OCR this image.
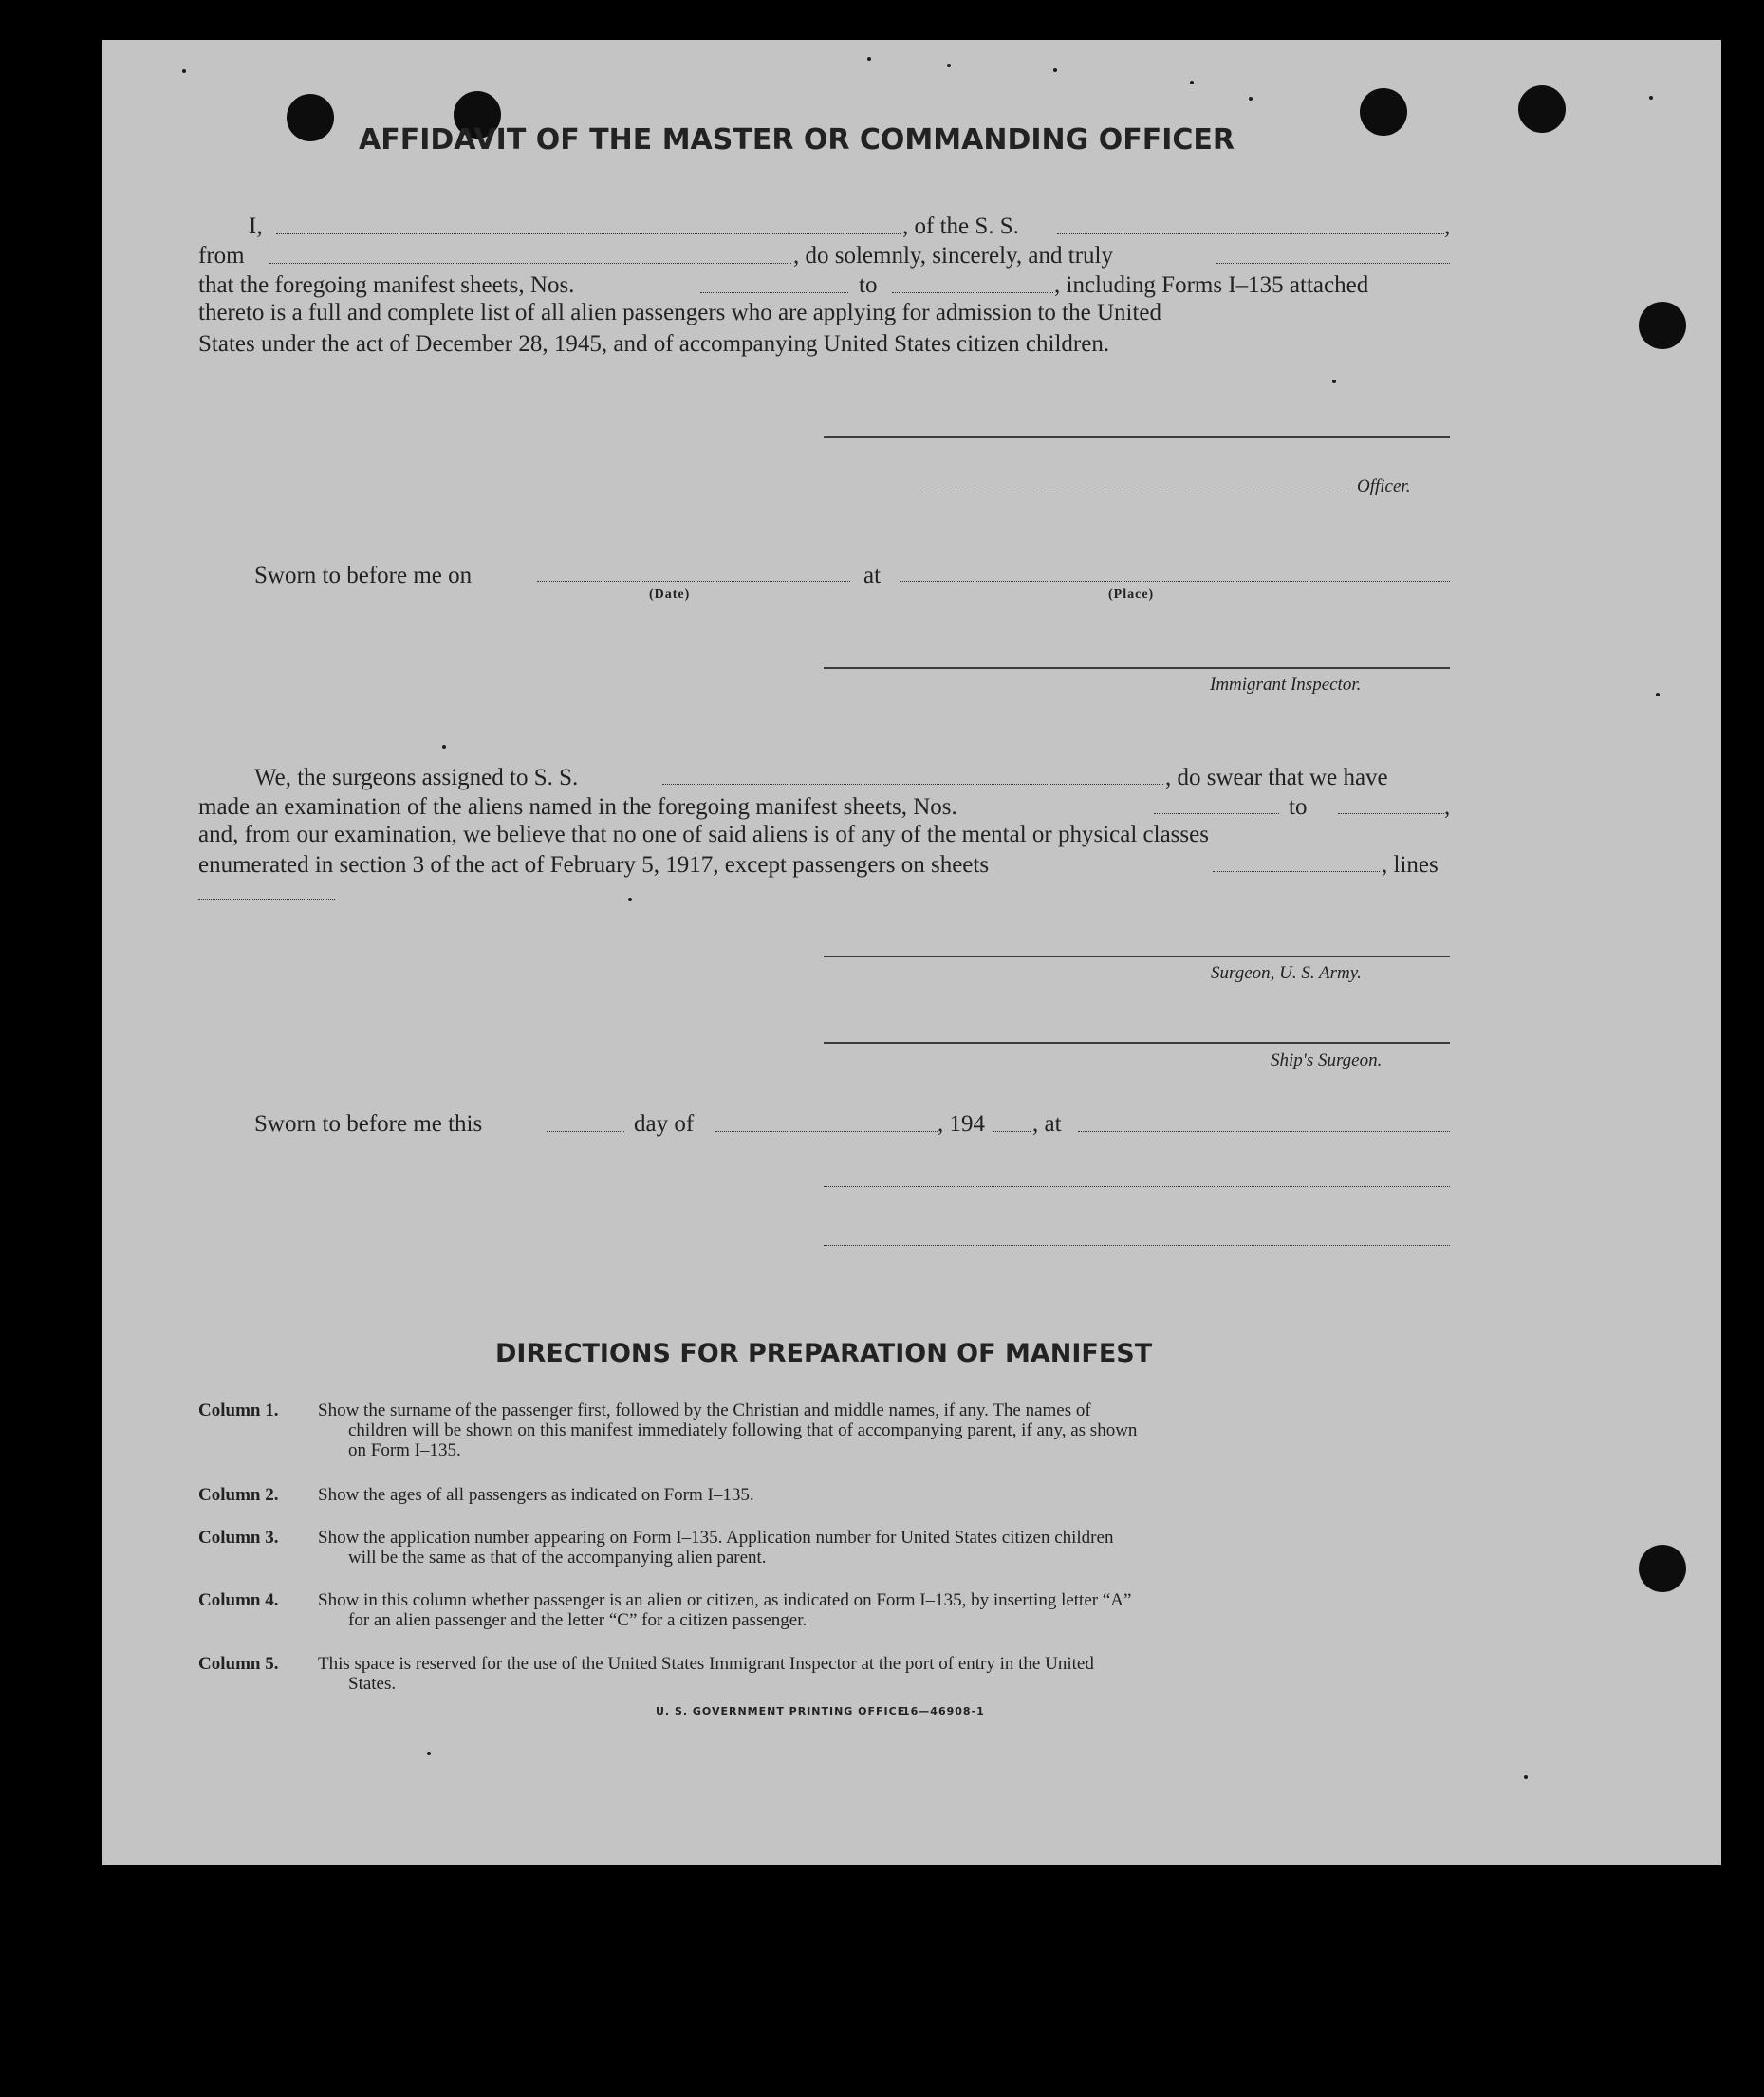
AFFIDAVIT OF THE MASTER OR COMMANDING OFFICER
I,	, of the S. S.	,
from	, do solemnly, sincerely, and truly
that the foregoing manifest sheets, Nos.	to	, including Forms I–135 attached
thereto is a full and complete list of all alien passengers who are applying for admission to the United
States under the act of December 28, 1945, and of accompanying United States citizen children.
Officer.
Sworn to before me on
(Date)
at
(Place)
Immigrant Inspector.
We, the surgeons assigned to S. S.	, do swear that we have
made an examination of the aliens named in the foregoing manifest sheets, Nos.	to	,
and, from our examination, we believe that no one of said aliens is of any of the mental or physical classes
enumerated in section 3 of the act of February 5, 1917, except passengers on sheets	, lines
Surgeon, U. S. Army.
Ship's Surgeon.
Sworn to before me this	day of	, 194 , at
DIRECTIONS FOR PREPARATION OF MANIFEST
Column 1.	Show the surname of the passenger first, followed by the Christian and middle names, if any. The names of
children will be shown on this manifest immediately following that of accompanying parent, if any, as shown
on Form I–135.
Column 2.	Show the ages of all passengers as indicated on Form I–135.
Column 3.	Show the application number appearing on Form I–135. Application number for United States citizen children
will be the same as that of the accompanying alien parent.
Column 4.	Show in this column whether passenger is an alien or citizen, as indicated on Form I–135, by inserting letter “A”
for an alien passenger and the letter “C” for a citizen passenger.
Column 5.	This space is reserved for the use of the United States Immigrant Inspector at the port of entry in the United
States.
U. S. GOVERNMENT PRINTING OFFICE
16—46908-1
